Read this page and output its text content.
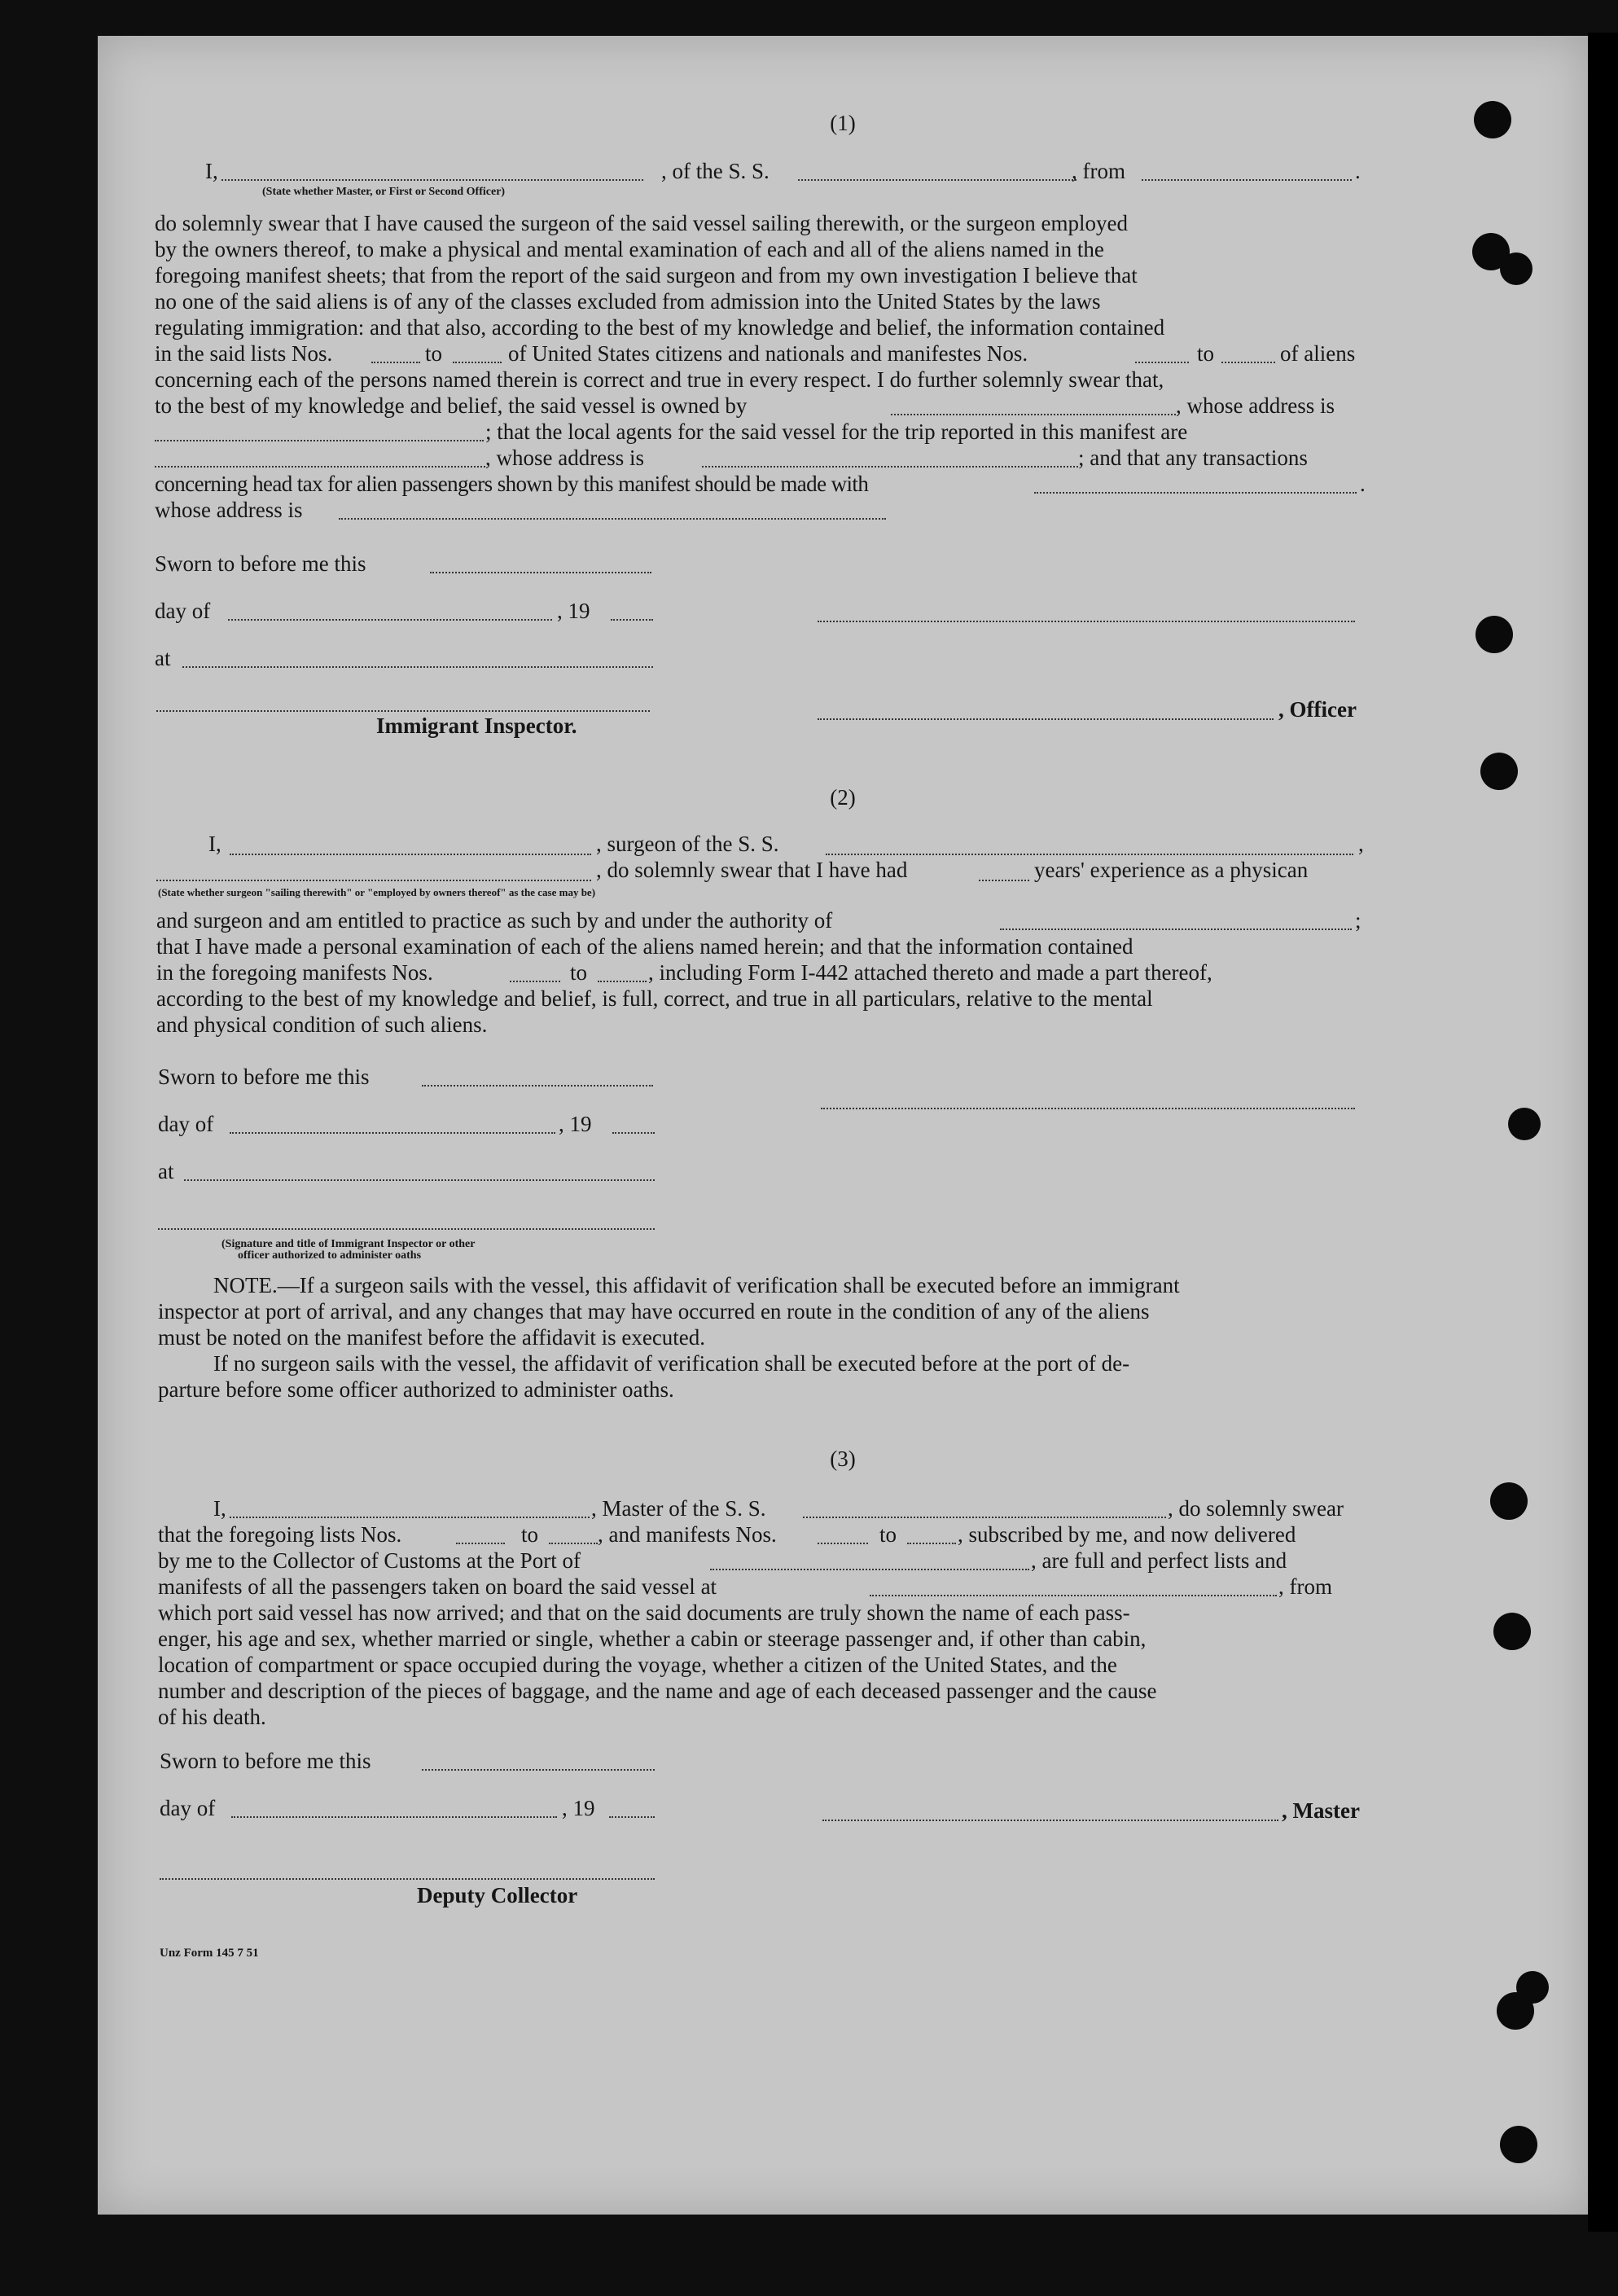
(1)
I,	, of the S. S.	, from	.
(State whether Master, or First or Second Officer)
do solemnly swear that I have caused the surgeon of the said vessel sailing therewith, or the surgeon employed
by the owners thereof, to make a physical and mental examination of each and all of the aliens named in the
foregoing manifest sheets; that from the report of the said surgeon and from my own investigation I believe that
no one of the said aliens is of any of the classes excluded from admission into the United States by the laws
regulating immigration: and that also, according to the best of my knowledge and belief, the information contained
in the said lists Nos.	to	of United States citizens and nationals and manifestes Nos.	to	of aliens
concerning each of the persons named therein is correct and true in every respect. I do further solemnly swear that,
to the best of my knowledge and belief, the said vessel is owned by	, whose address is
; that the local agents for the said vessel for the trip reported in this manifest are
, whose address is	; and that any transactions
concerning head tax for alien passengers shown by this manifest should be made with	.
whose address is
Sworn to before me this
day of	, 19
at
Immigrant Inspector.
, Officer
(2)
I,	, surgeon of the S. S.	,
, do solemnly swear that I have had	years' experience as a physican
(State whether surgeon "sailing therewith" or "employed by owners thereof" as the case may be)
and surgeon and am entitled to practice as such by and under the authority of	;
that I have made a personal examination of each of the aliens named herein; and that the information contained
in the foregoing manifests Nos.	to	, including Form I-442 attached thereto and made a part thereof,
according to the best of my knowledge and belief, is full, correct, and true in all particulars, relative to the mental
and physical condition of such aliens.
Sworn to before me this
day of	, 19
at
(Signature and title of Immigrant Inspector or other
officer authorized to administer oaths
NOTE.—If a surgeon sails with the vessel, this affidavit of verification shall be executed before an immigrant
inspector at port of arrival, and any changes that may have occurred en route in the condition of any of the aliens
must be noted on the manifest before the affidavit is executed.
If no surgeon sails with the vessel, the affidavit of verification shall be executed before at the port of de-
parture before some officer authorized to administer oaths.
(3)
I,	, Master of the S. S.	, do solemnly swear
that the foregoing lists Nos.	to	, and manifests Nos.	to	, subscribed by me, and now delivered
by me to the Collector of Customs at the Port of	, are full and perfect lists and
manifests of all the passengers taken on board the said vessel at	, from
which port said vessel has now arrived; and that on the said documents are truly shown the name of each pass-
enger, his age and sex, whether married or single, whether a cabin or steerage passenger and, if other than cabin,
location of compartment or space occupied during the voyage, whether a citizen of the United States, and the
number and description of the pieces of baggage, and the name and age of each deceased passenger and the cause
of his death.
Sworn to before me this
day of	, 19	, Master
Deputy Collector
Unz Form 145 7 51
